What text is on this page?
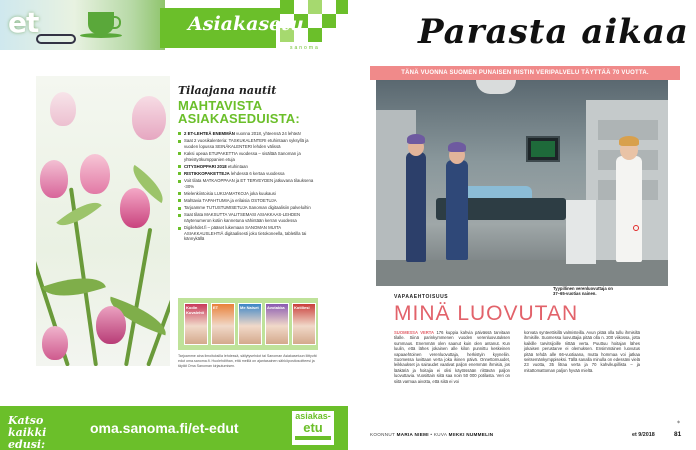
et	Asiakasetu
sanoma
Tilaajana nautit
MAHTAVISTA
ASIAKASEDUISTA:
2 ET-LEHTEÄ ENEMMÄN vuonna 2018, yhteensä 24 lehteä!
Saat 2 vuosikalenteria: TASKUKALENTERI etuhintaan syksyllä ja vuoden lopussa SEINÄKALENTERI lehden välissä
Kaksi upeaa ETUPAKETTIA vuodessa – sisältää Sanoman ja yhteistyökumppanien etuja
CITYSHOPPARI 2018 etuhintaan
RISTIKKOPAKETTEJA lehdessä 6 kertaa vuodessa
Voit tilata MATKAOPPAAN ja ET TERVEYDEN jatkuvana tilauksena -30%
Mielenkiintoisia LUKIJAMATKOJA joka kuukausi
Mahtavia TAPAHTUMIA ja erilaisia OSTOETUJA
Tarjoamme TUTUSTUMISETUJA Sanoman digitaalisiin palveluihin
Saat tilata MAKSUTTA VALITSEMASI ASIAKKAAS-LEHDEN näytenumeron kotiin kannetuna vähintään kerran vuodessa
Digilehdet.fi – pääset lukemaan SANOMAN MUITA ASIAKKAUSLEHTIÄ digitaalisesti joko tietokoneella, tabletilla tai kännykällä
Kodin Kuvalehti
ET	Me Naiset Avotakka Kotiliesi
Tarjoamme aina ilmoituksilla lehdessä, säilytysehdot tai Sanoman Asiakasetuun liittyvät edut oma.sanoma.fi. Huolehdithan, että meillä on ajantasainen sähköpostiosoitteesi ja täytät Oma Sanoman kirjautumisen.
Katso kaikki edusi:
oma.sanoma.fi/et-edut
asiakas-
etu
Parasta aikaa
TÄNÄ VUONNA SUOMEN PUNAISEN RISTIN VERIPALVELU TÄYTTÄÄ 70 VUOTTA.
Tyypillinen verenluovuttaja on 37–65-vuotias nainen.
VAPAAEHTOISUUS
MINÄ LUOVUTAN
SUOMESSA VERTA 176 kuppia kahvia päivässä tarvitaan tilalle. Siinä parinkymmenen vuoden verenluovutuksen summaus. Enemmän olen saanut kuin olen antanut. Kun luulin, että lähes jokainen alle kilon punnittu keskeinen vapaaehtoinen verenluovuttaja, herkistyin kyyneliin. Suomessa luvittaan verta joka ikinen päivä. Onnettomuudet, leikkaukset ja sairaudet vaativat paljon enemmän ihmisiä, jos lääkäriä ja hoitajia ei olisi käytössään riittävän paljon luovuttavia. Vuosittain siitä saa noin 50 000 potilasta. Veri on siitä varmaa aivotta, että siitä ei voi
korvata synteettisillä valmisteilla. Avun pitää olla tullu ihmisiltä ihmisille. Suomessa luovuttajia pitää olla n. 200 viikossa, jotta kaikille tarvitsijoille riittää verta. Puuttuu hoitajan lähes jokaisen perustarve ei olemuksen. Ensimmäinen luovutus pitää tehdä alle 66-vuotiaana, mutta hommaa voi jatkaa seitsemänkymppiseksi. Tällä sanalla minulla on edessäni vielä 23 vuotta, 35 litraa verta ja 70 kahvikupillista – ja mitattomattoman paljon hyvää mieltä.
KOONNUT MARIA NIEMI • KUVA MIIKKI NUMMELIN
◆
et 9/2018	81
